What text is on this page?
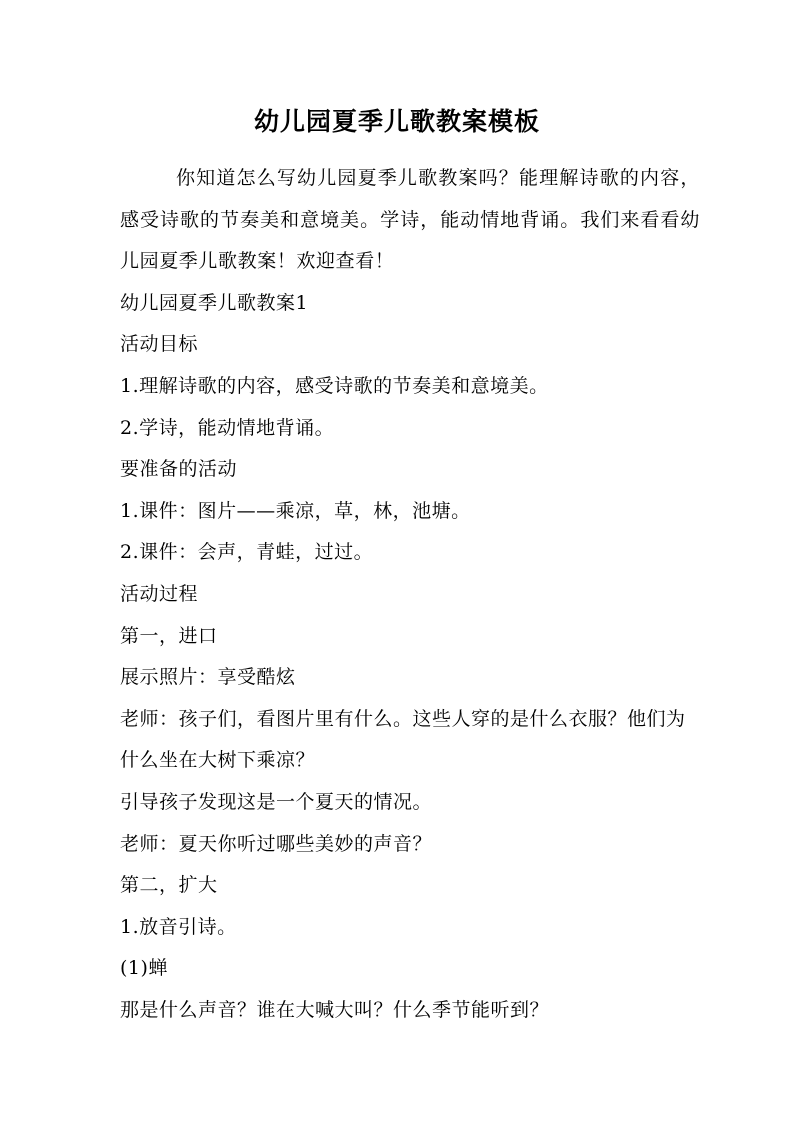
幼儿园夏季儿歌教案模板

你知道怎么写幼儿园夏季儿歌教案吗？能理解诗歌的内容，感受诗歌的节奏美和意境美。学诗，能动情地背诵。我们来看看幼儿园夏季儿歌教案！欢迎查看！

幼儿园夏季儿歌教案1

活动目标

1.理解诗歌的内容，感受诗歌的节奏美和意境美。

2.学诗，能动情地背诵。

要准备的活动

1.课件：图片——乘凉，草，林，池塘。

2.课件：会声，青蛙，过过。

活动过程

第一，进口

展示照片：享受酷炫

老师：孩子们，看图片里有什么。这些人穿的是什么衣服？他们为什么坐在大树下乘凉？

引导孩子发现这是一个夏天的情况。

老师：夏天你听过哪些美妙的声音？

第二，扩大

1.放音引诗。

(1)蝉

那是什么声音？谁在大喊大叫？什么季节能听到？
